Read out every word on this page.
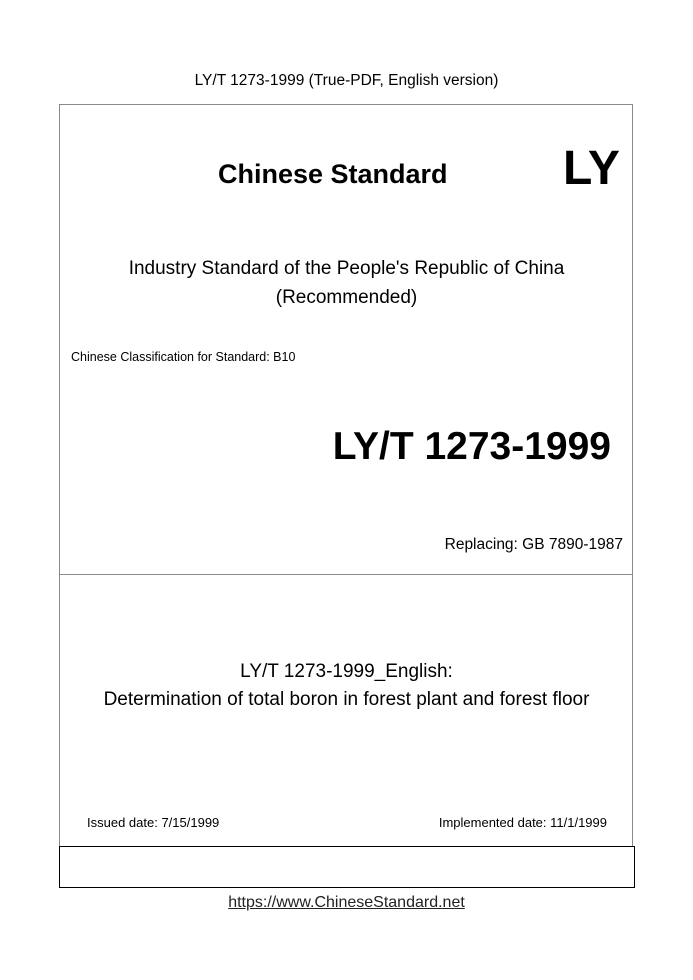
LY/T 1273-1999 (True-PDF, English version)
Chinese Standard LY
Industry Standard of the People's Republic of China
(Recommended)
Chinese Classification for Standard: B10
LY/T 1273-1999
Replacing: GB 7890-1987
LY/T 1273-1999_English:
Determination of total boron in forest plant and forest floor
Issued date: 7/15/1999	Implemented date: 11/1/1999
https://www.ChineseStandard.net
